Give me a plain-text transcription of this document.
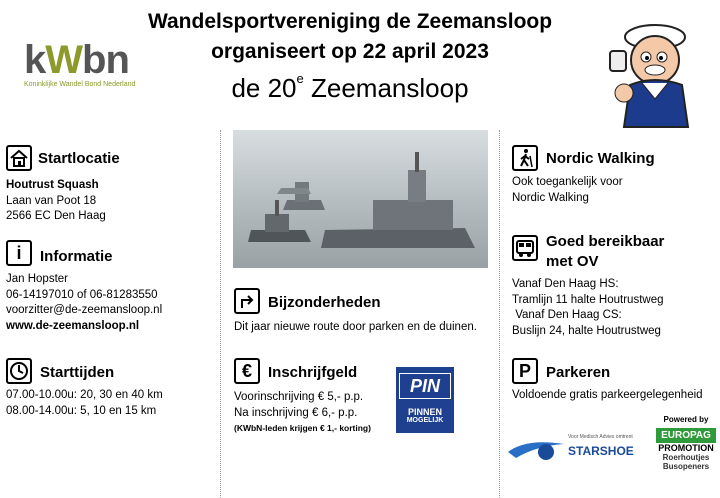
Wandelsportvereniging de Zeemansloop
organiseert op 22 april 2023
de 20e Zeemansloop
kWbn
Koninklijke Wandel Bond Nederland
Startlocatie
Houtrust Squash
Laan van Poot 18
2566 EC Den Haag
i	Informatie
Jan Hopster
06-14197010 of 06-81283550
voorzitter@de-zeemansloop.nl
www.de-zeemansloop.nl
Starttijden
07.00-10.00u: 20, 30 en 40 km
08.00-14.00u: 5, 10 en 15 km
Bijzonderheden
Dit jaar nieuwe route door parken en de duinen.
€	Inschrijfgeld
Voorinschrijving € 5,- p.p.
Na inschrijving € 6,- p.p.
(KWbN-leden krijgen € 1,- korting)
PIN
PINNEN
MOGELIJK
Nordic Walking
Ook toegankelijk voor
Nordic Walking
Goed bereikbaar
met OV
Vanaf Den Haag HS:
Tramlijn 11 halte Houtrustweg
Vanaf Den Haag CS:
Buslijn 24, halte Houtrustweg
P	Parkeren
Voldoende gratis parkeergelegenheid
Voor Medisch Advies omtrent
STARSHOE
Powered by
EUROPAG
PROMOTION
Roerhoutjes
Busopeners
